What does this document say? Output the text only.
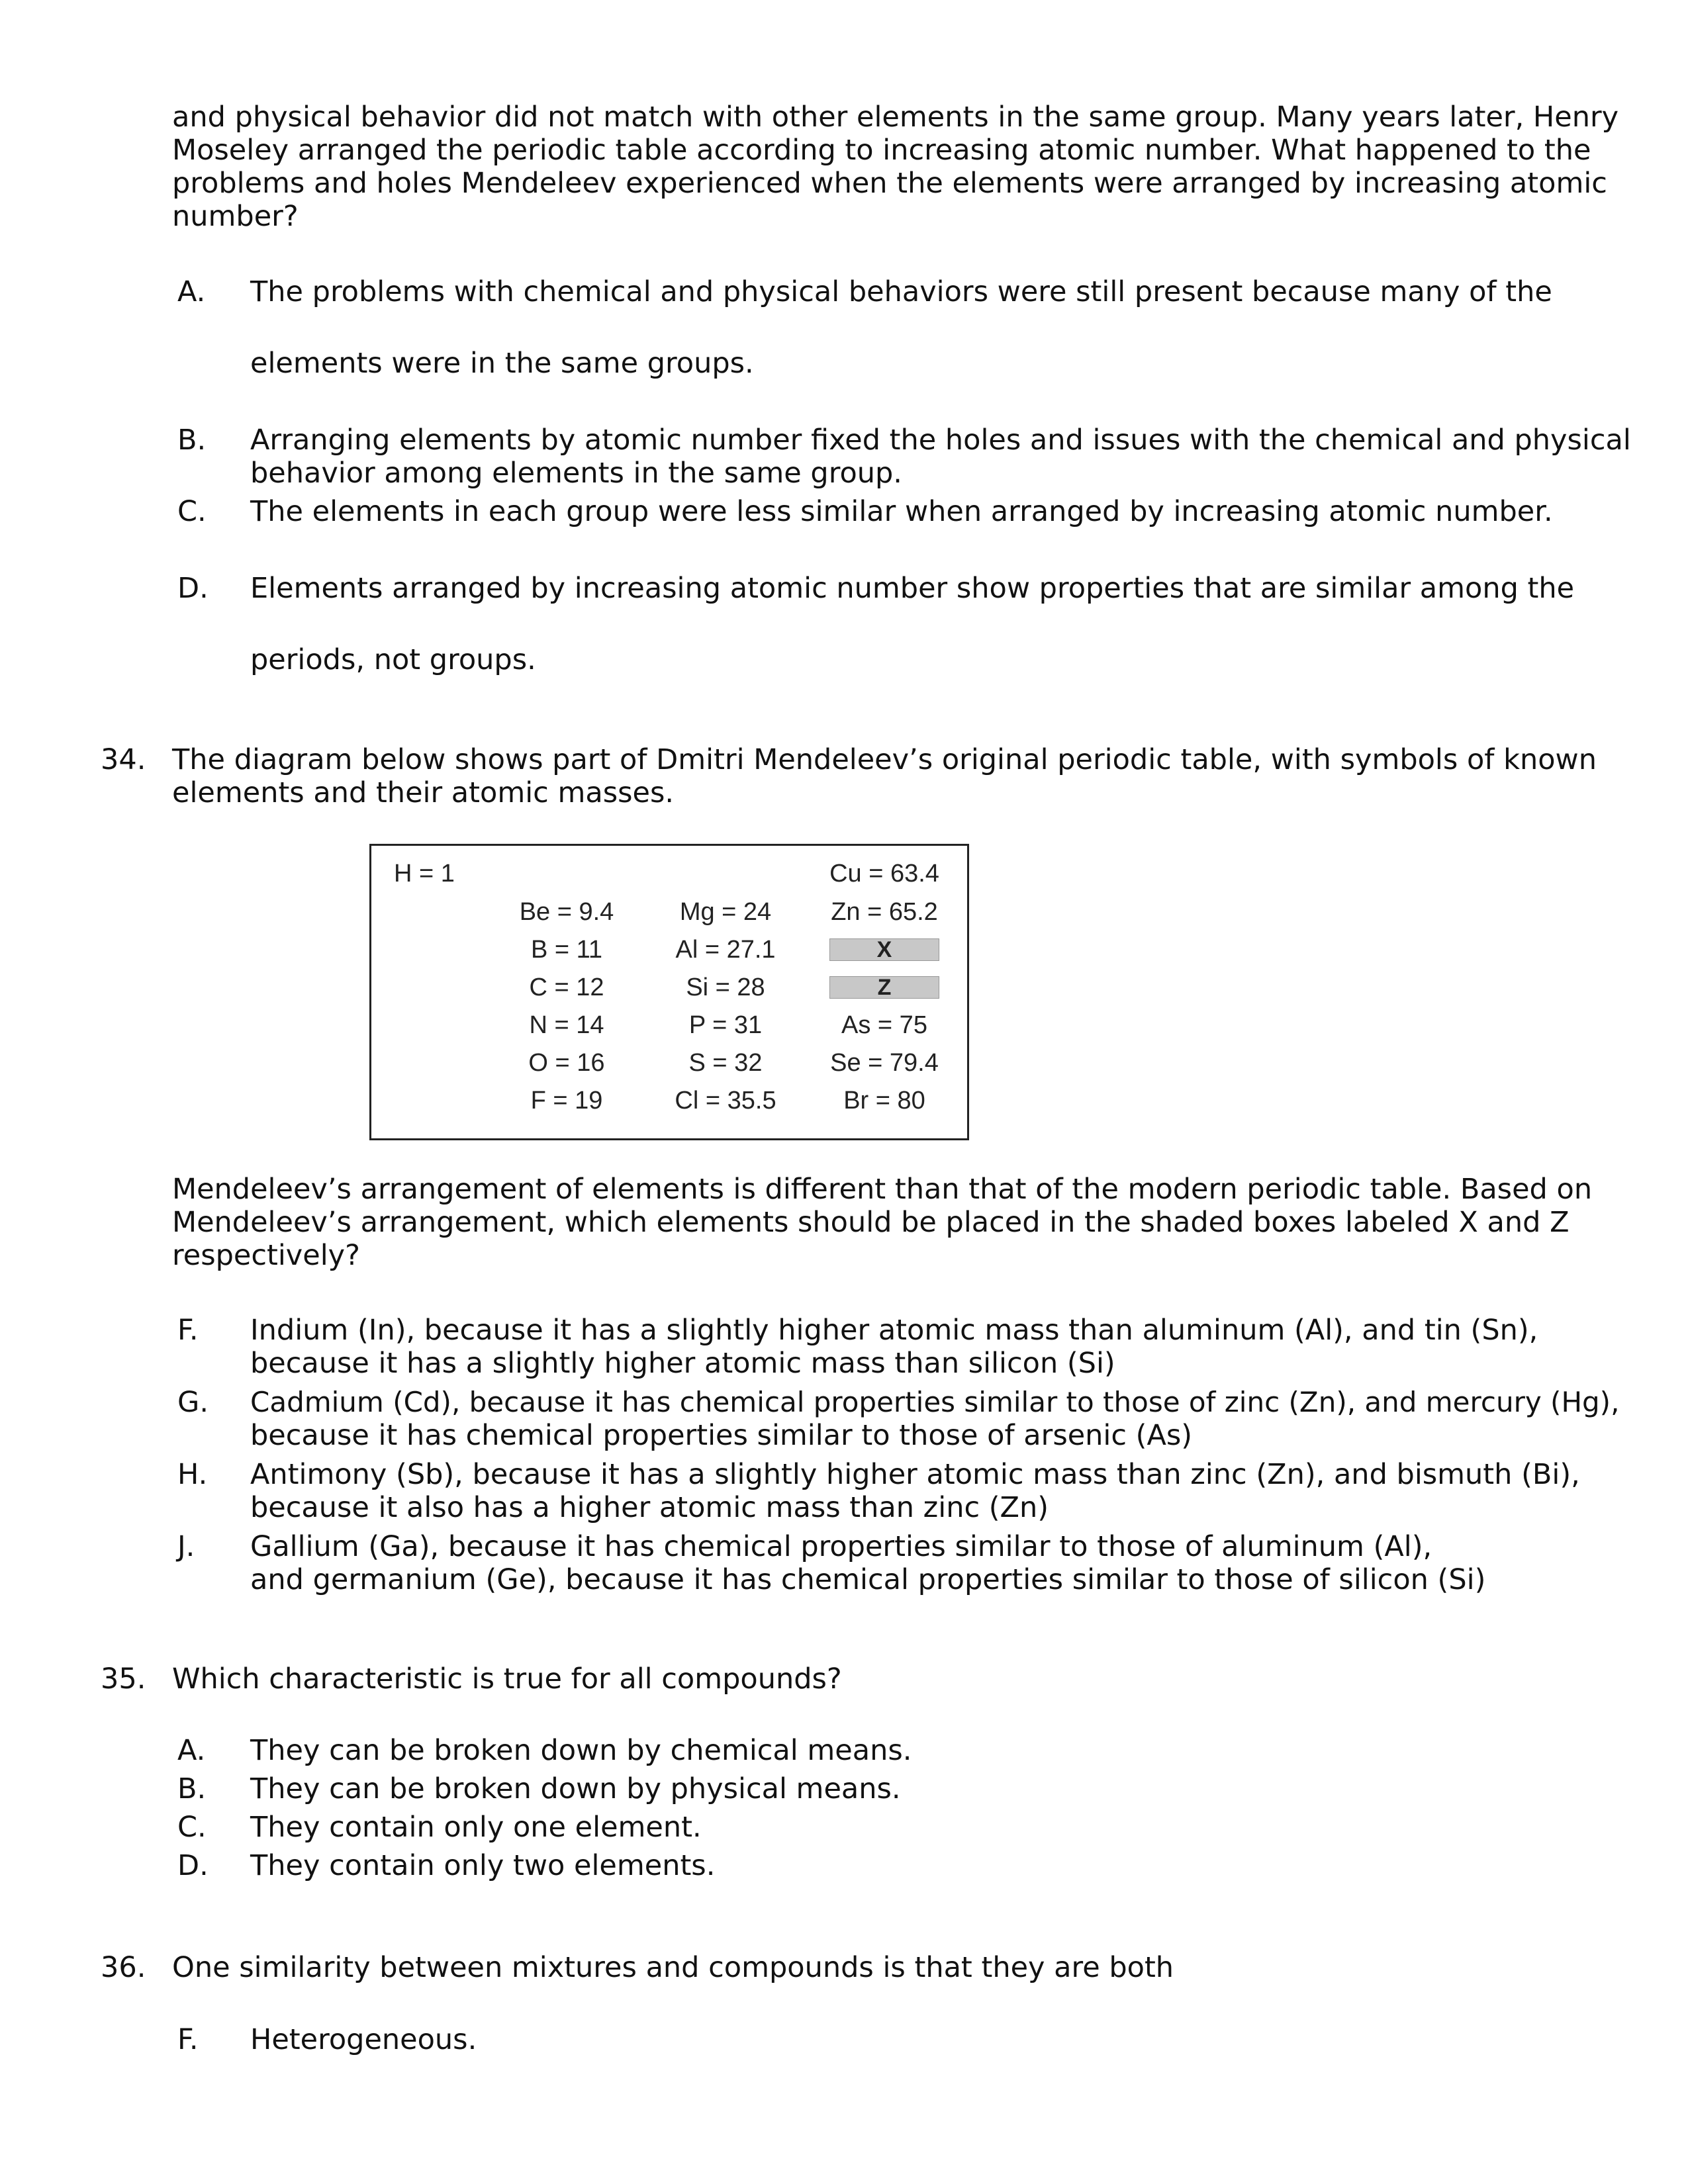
and physical behavior did not match with other elements in the same group. Many years later, Henry
Moseley arranged the periodic table according to increasing atomic number. What happened to the
problems and holes Mendeleev experienced when the elements were arranged by increasing atomic
number?
A. The problems with chemical and physical behaviors were still present because many of the
elements were in the same groups.
B. Arranging elements by atomic number fixed the holes and issues with the chemical and physical
behavior among elements in the same group.
C. The elements in each group were less similar when arranged by increasing atomic number.
D. Elements arranged by increasing atomic number show properties that are similar among the
periods, not groups.
34. The diagram below shows part of Dmitri Mendeleev’s original periodic table, with symbols of known
elements and their atomic masses.
H = 1
Be = 9.4
B = 11
C = 12
N = 14
O = 16
F = 19
Mg = 24
Al = 27.1
Si = 28
P = 31
S = 32
Cl = 35.5
Cu = 63.4
Zn = 65.2
X
Z
As = 75
Se = 79.4
Br = 80
Mendeleev’s arrangement of elements is different than that of the modern periodic table. Based on
Mendeleev’s arrangement, which elements should be placed in the shaded boxes labeled X and Z
respectively?
F. Indium (In), because it has a slightly higher atomic mass than aluminum (Al), and tin (Sn),
because it has a slightly higher atomic mass than silicon (Si)
G. Cadmium (Cd), because it has chemical properties similar to those of zinc (Zn), and mercury (Hg),
because it has chemical properties similar to those of arsenic (As)
H. Antimony (Sb), because it has a slightly higher atomic mass than zinc (Zn), and bismuth (Bi),
because it also has a higher atomic mass than zinc (Zn)
J. Gallium (Ga), because it has chemical properties similar to those of aluminum (Al),
and germanium (Ge), because it has chemical properties similar to those of silicon (Si)
35. Which characteristic is true for all compounds?
A. They can be broken down by chemical means.
B. They can be broken down by physical means.
C. They contain only one element.
D. They contain only two elements.
36. One similarity between mixtures and compounds is that they are both
F. Heterogeneous.
